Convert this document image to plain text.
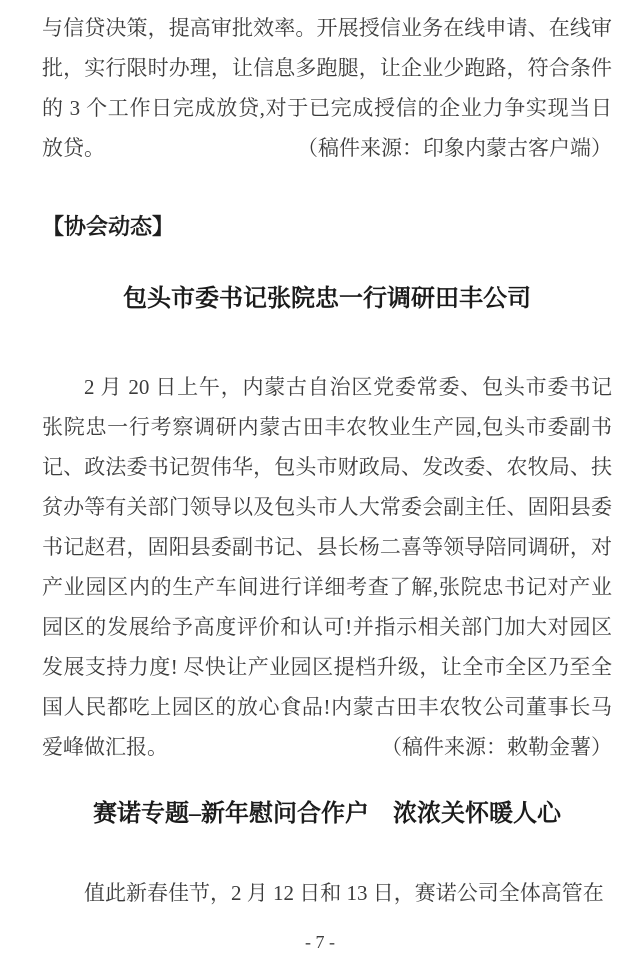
与信贷决策，提高审批效率。开展授信业务在线申请、在线审批，实行限时办理，让信息多跑腿，让企业少跑路，符合条件的 3 个工作日完成放贷,对于已完成授信的企业力争实现当日放贷。	（稿件来源：印象内蒙古客户端）

【协会动态】
包头市委书记张院忠一行调研田丰公司

2 月 20 日上午，内蒙古自治区党委常委、包头市委书记张院忠一行考察调研内蒙古田丰农牧业生产园,包头市委副书记、政法委书记贺伟华，包头市财政局、发改委、农牧局、扶贫办等有关部门领导以及包头市人大常委会副主任、固阳县委书记赵君，固阳县委副书记、县长杨二喜等领导陪同调研，对产业园区内的生产车间进行详细考查了解,张院忠书记对产业园区的发展给予高度评价和认可!并指示相关部门加大对园区发展支持力度! 尽快让产业园区提档升级，让全市全区乃至全国人民都吃上园区的放心食品!内蒙古田丰农牧公司董事长马爱峰做汇报。	（稿件来源：敕勒金薯）

赛诺专题–新年慰问合作户　浓浓关怀暖人心

值此新春佳节，2 月 12 日和 13 日，赛诺公司全体高管在

- 7 -
